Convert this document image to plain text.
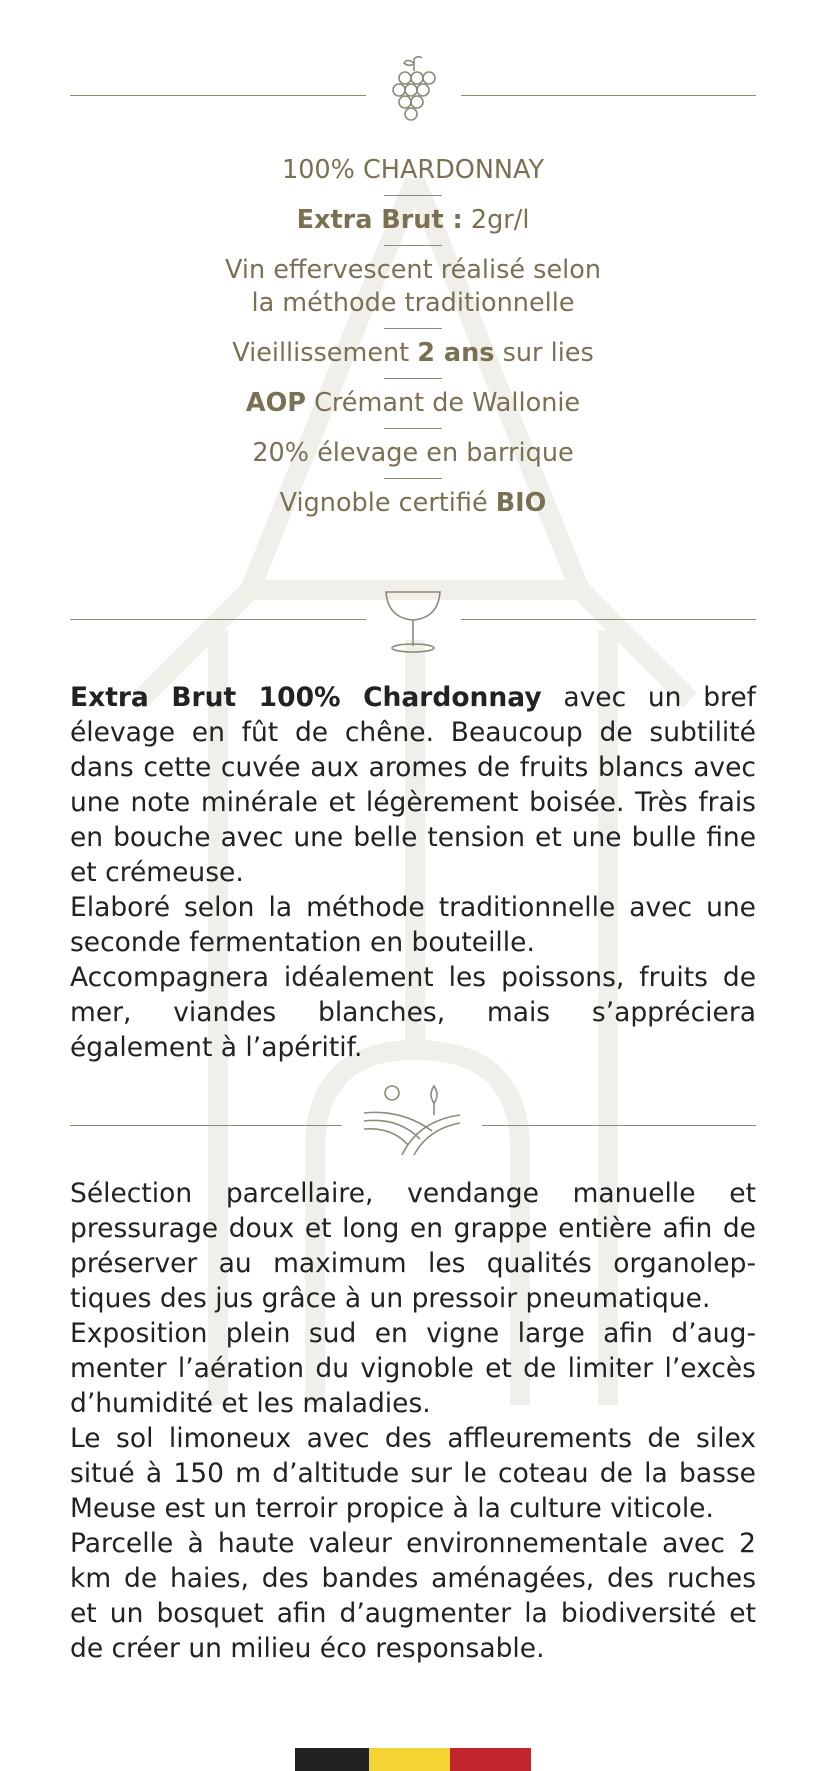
100% CHARDONNAY
Extra Brut : 2gr/l
Vin effervescent réalisé selon
la méthode traditionnelle
Vieillissement 2 ans sur lies
AOP Crémant de Wallonie
20% élevage en barrique
Vignoble certifié BIO

Extra Brut 100% Chardonnay avec un bref élevage en fût de chêne. Beaucoup de subtilité dans cette cuvée aux aromes de fruits blancs avec une note minérale et légèrement boisée. Très frais en bouche avec une belle tension et une bulle fine et crémeuse.

Elaboré selon la méthode traditionnelle avec une seconde fermentation en bouteille.

Accompagnera idéalement les poissons, fruits de mer, viandes blanches, mais s’appréciera également à l’apéritif.

Sélection parcellaire, vendange manuelle et pressurage doux et long en grappe entière afin de préserver au maximum les qualités organoleptiques des jus grâce à un pressoir pneumatique.

Exposition plein sud en vigne large afin d’augmenter l’aération du vignoble et de limiter l’excès d’humidité et les maladies.

Le sol limoneux avec des affleurements de silex situé à 150 m d’altitude sur le coteau de la basse Meuse est un terroir propice à la culture viticole.

Parcelle à haute valeur environnementale avec 2 km de haies, des bandes aménagées, des ruches et un bosquet afin d’augmenter la biodiversité et de créer un milieu éco responsable.
